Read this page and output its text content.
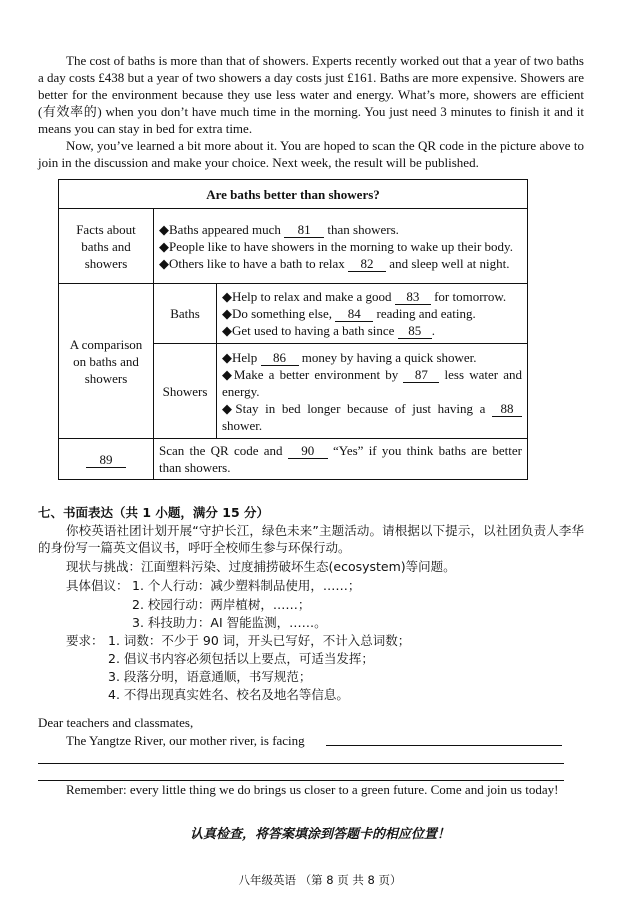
The cost of baths is more than that of showers. Experts recently worked out that a year of two baths a day costs £438 but a year of two showers a day costs just £161. Baths are more expensive. Showers are better for the environment because they use less water and energy. What’s more, showers are efficient (有效率的) when you don’t have much time in the morning. You just need 3 minutes to finish it and it means you can stay in bed for extra time.
Now, you’ve learned a bit more about it. You are hoped to scan the QR code in the picture above to join in the discussion and make your choice. Next week, the result will be published.
Are baths better than showers?		
Facts about baths and showers	◆Baths appeared much 81 than showers.
◆People like to have showers in the morning to wake up their body.
◆Others like to have a bath to relax 82 and sleep well at night.	
A comparison on baths and showers	Baths	◆Help to relax and make a good 83 for tomorrow.
◆Do something else, 84 reading and eating.
◆Get used to having a bath since 85 .
	Showers	◆Help 86 money by having a quick shower.
◆Make a better environment by 87 less water and energy.
◆Stay in bed longer because of just having a 88 shower.
89	Scan the QR code and 90 “Yes” if you think baths are better than showers.	
七、书面表达（共 1 小题，满分 15 分）
你校英语社团计划开展“守护长江，绿色未来”主题活动。请根据以下提示，以社团负责人李华的身份写一篇英文倡议书，呼吁全校师生参与环保行动。
现状与挑战：江面塑料污染、过度捕捞破坏生态(ecosystem)等问题。
具体倡议： 1. 个人行动：减少塑料制品使用，……；
2. 校园行动：两岸植树，……；
3. 科技助力：AI 智能监测，……。
要求： 1. 词数：不少于 90 词，开头已写好，不计入总词数；
2. 倡议书内容必须包括以上要点，可适当发挥；
3. 段落分明，语意通顺，书写规范；
4. 不得出现真实姓名、校名及地名等信息。
Dear teachers and classmates,
The Yangtze River, our mother river, is facing
Remember: every little thing we do brings us closer to a green future. Come and join us today!
认真检查，将答案填涂到答题卡的相应位置！
八年级英语 （第 8 页 共 8 页）
